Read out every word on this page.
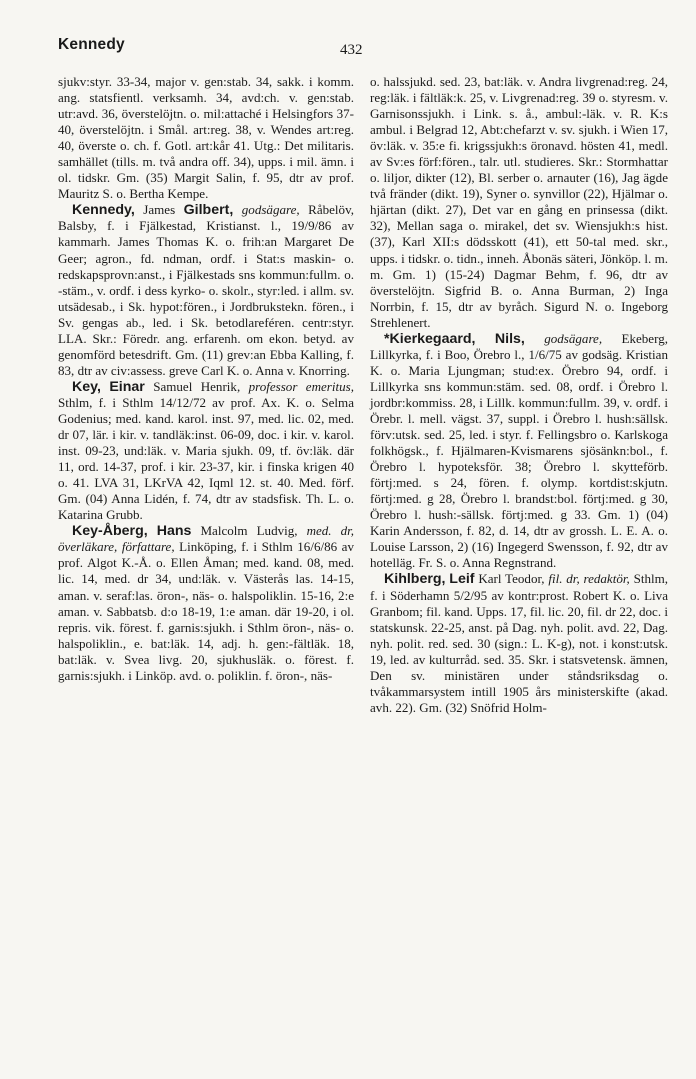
Kennedy	432

sjukv:styr. 33-34, major v. gen:stab. 34, sakk. i komm. ang. statsfientl. verksamh. 34, avd:ch. v. gen:stab. utr:avd. 36, överstelöjtn. o. mil:attaché i Helsingfors 37-40, överstelöjtn. i Smål. art:reg. 38, v. Wendes art:reg. 40, överste o. ch. f. Gotl. art:kår 41. Utg.: Det militaris. samhället (tills. m. två andra off. 34), upps. i mil. ämn. i ol. tidskr. Gm. (35) Margit Salin, f. 95, dtr av prof. Mauritz S. o. Bertha Kempe.

Kennedy, James Gilbert, godsägare, Råbelöv, Balsby, f. i Fjälkestad, Kristianst. l., 19/9/86 av kammarh. James Thomas K. o. frih:an Margaret De Geer; agron., fd. ndman, ordf. i Stat:s maskin- o. redskapsprovn:anst., i Fjälkestads sns kommun:fullm. o. -stäm., v. ordf. i dess kyrko- o. skolr., styr:led. i allm. sv. utsädesab., i Sk. hypot:fören., i Jordbrukstekn. fören., i Sv. gengas ab., led. i Sk. betodlareféren. centr:styr. LLA. Skr.: Föredr. ang. erfarenh. om ekon. betyd. av genomförd betesdrift. Gm. (11) grev:an Ebba Kalling, f. 83, dtr av civ:assess. greve Carl K. o. Anna v. Knorring.

Key, Einar Samuel Henrik, professor emeritus, Sthlm, f. i Sthlm 14/12/72 av prof. Ax. K. o. Selma Godenius; med. kand. karol. inst. 97, med. lic. 02, med. dr 07, lär. i kir. v. tandläk:inst. 06-09, doc. i kir. v. karol. inst. 09-23, und:läk. v. Maria sjukh. 09, tf. öv:läk. där 11, ord. 14-37, prof. i kir. 23-37, kir. i finska krigen 40 o. 41. LVA 31, LKrVA 42, Iqml 12. st. 40. Med. förf. Gm. (04) Anna Lidén, f. 74, dtr av stadsfisk. Th. L. o. Katarina Grubb.

Key-Åberg, Hans Malcolm Ludvig, med. dr, överläkare, författare, Linköping, f. i Sthlm 16/6/86 av prof. Algot K.-Å. o. Ellen Åman; med. kand. 08, med. lic. 14, med. dr 34, und:läk. v. Västerås las. 14-15, aman. v. seraf:las. öron-, näs- o. halspoliklin. 15-16, 2:e aman. v. Sabbatsb. d:o 18-19, 1:e aman. där 19-20, i ol. repris. vik. förest. f. garnis:sjukh. i Sthlm öron-, näs- o. halspoliklin., e. bat:läk. 14, adj. h. gen:-fältläk. 18, bat:läk. v. Svea livg. 20, sjukhusläk. o. förest. f. garnis:sjukh. i Linköp. avd. o. poliklin. f. öron-, näs-

o. halssjukd. sed. 23, bat:läk. v. Andra livgrenad:reg. 24, reg:läk. i fältläk:k. 25, v. Livgrenad:reg. 39 o. styresm. v. Garnisonssjukh. i Link. s. å., ambul:-läk. v. R. K:s ambul. i Belgrad 12, Abt:chefarzt v. sv. sjukh. i Wien 17, öv:läk. v. 35:e fi. krigssjukh:s öronavd. hösten 41, medl. av Sv:es förf:fören., talr. utl. studieres. Skr.: Stormhattar o. liljor, dikter (12), Bl. serber o. arnauter (16), Jag ägde två fränder (dikt. 19), Syner o. synvillor (22), Hjälmar o. hjärtan (dikt. 27), Det var en gång en prinsessa (dikt. 32), Mellan saga o. mirakel, det sv. Wiensjukh:s hist. (37), Karl XII:s dödsskott (41), ett 50-tal med. skr., upps. i tidskr. o. tidn., inneh. Åbonäs säteri, Jönköp. l. m. m. Gm. 1) (15-24) Dagmar Behm, f. 96, dtr av överstelöjtn. Sigfrid B. o. Anna Burman, 2) Inga Norrbin, f. 15, dtr av byråch. Sigurd N. o. Ingeborg Strehlenert.

*Kierkegaard, Nils, godsägare, Ekeberg, Lillkyrka, f. i Boo, Örebro l., 1/6/75 av godsäg. Kristian K. o. Maria Ljungman; stud:ex. Örebro 94, ordf. i Lillkyrka sns kommun:stäm. sed. 08, ordf. i Örebro l. jordbr:kommiss. 28, i Lillk. kommun:fullm. 39, v. ordf. i Örebr. l. mell. vägst. 37, suppl. i Örebro l. hush:sällsk. förv:utsk. sed. 25, led. i styr. f. Fellingsbro o. Karlskoga folkhögsk., f. Hjälmaren-Kvismarens sjösänkn:bol., f. Örebro l. hypoteksför. 38; Örebro l. skytteförb. förtj:med. s 24, fören. f. olymp. kortdist:skjutn. förtj:med. g 28, Örebro l. brandst:bol. förtj:med. g 30, Örebro l. hush:-sällsk. förtj:med. g 33. Gm. 1) (04) Karin Andersson, f. 82, d. 14, dtr av grossh. L. E. A. o. Louise Larsson, 2) (16) Ingegerd Swensson, f. 92, dtr av hotelläg. Fr. S. o. Anna Regnstrand.

Kihlberg, Leif Karl Teodor, fil. dr, redaktör, Sthlm, f. i Söderhamn 5/2/95 av kontr:prost. Robert K. o. Liva Granbom; fil. kand. Upps. 17, fil. lic. 20, fil. dr 22, doc. i statskunsk. 22-25, anst. på Dag. nyh. polit. avd. 22, Dag. nyh. polit. red. sed. 30 (sign.: L. K-g), not. i konst:utsk. 19, led. av kulturråd. sed. 35. Skr. i statsvetensk. ämnen, Den sv. ministären under ståndsriksdag o. tvåkammarsystem intill 1905 års ministerskifte (akad. avh. 22). Gm. (32) Snöfrid Holm-
